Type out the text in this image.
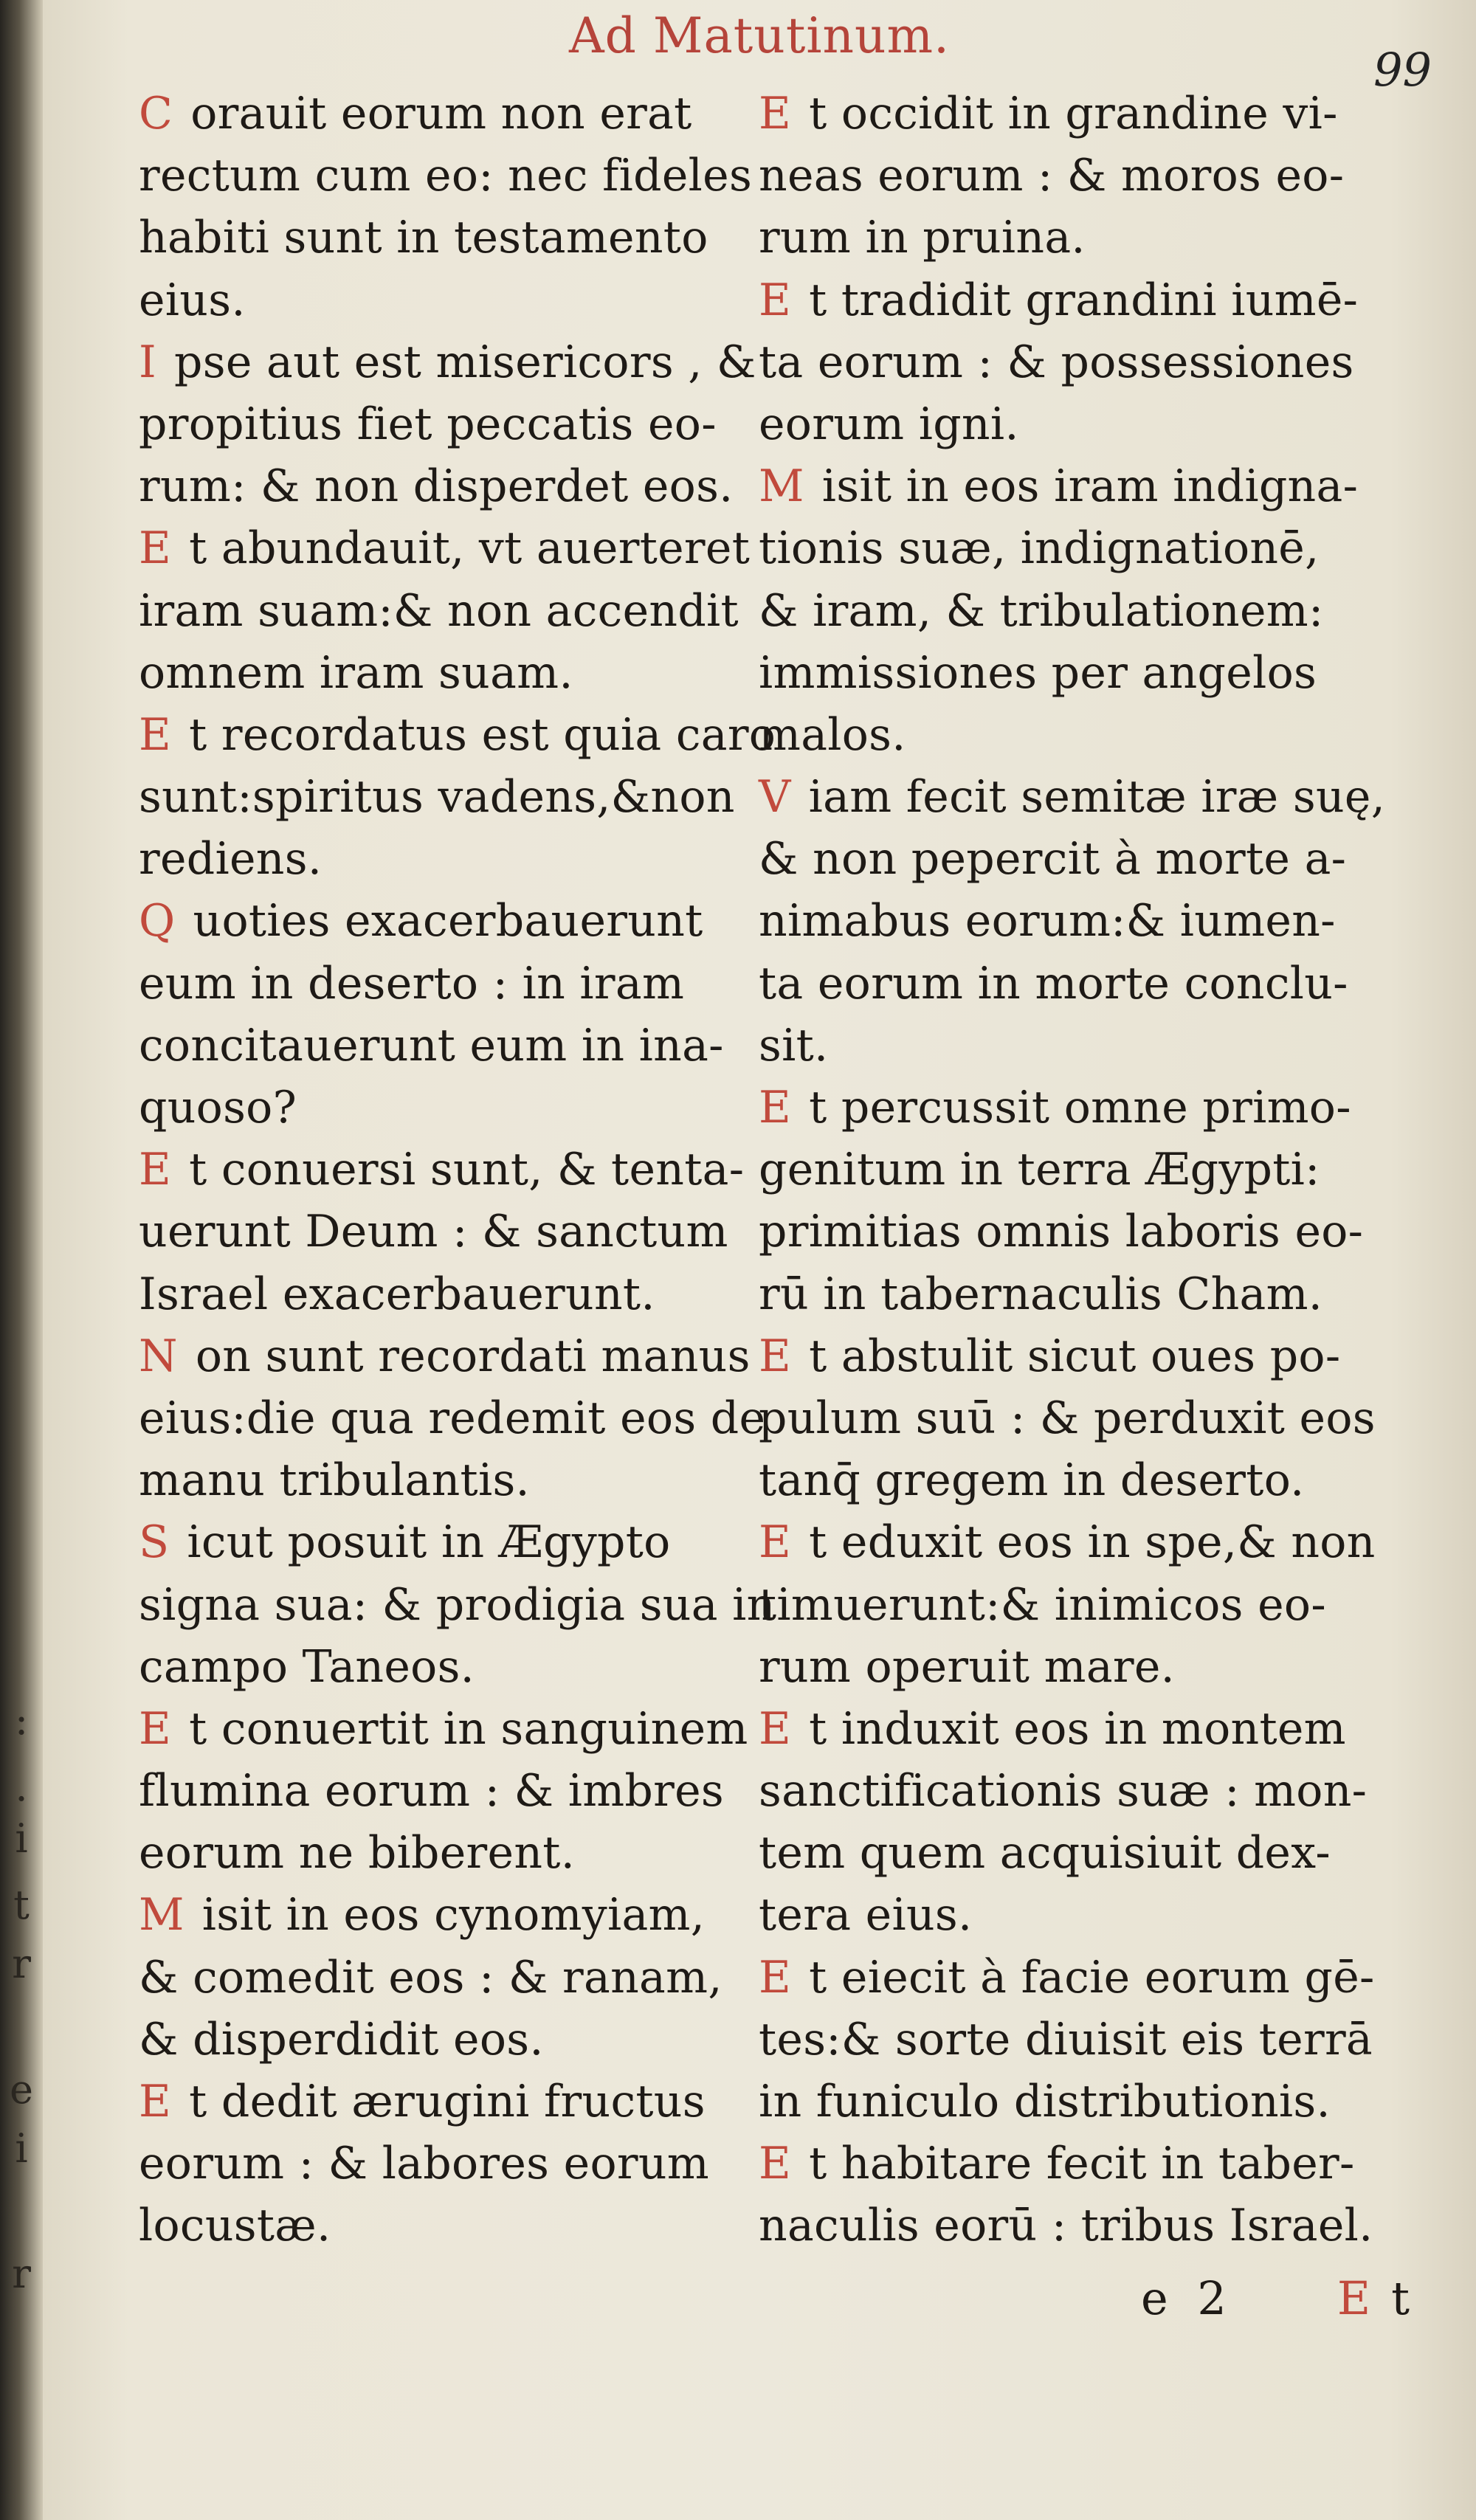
:
.
i
t
r
e
i
r
Ad Matutinum.
99
C orauit eorum non erat
rectum cum eo: nec fideles
habiti sunt in testamento
eius.
I pse aut est misericors , &
propitius fiet peccatis eo-
rum: & non disperdet eos.
E t abundauit, vt auerteret
iram suam:& non accendit
omnem iram suam.
E t recordatus est quia caro
sunt:spiritus vadens,&non
rediens.
Q uoties exacerbauerunt
eum in deserto : in iram
concitauerunt eum in ina-
quoso?
E t conuersi sunt, & tenta-
uerunt Deum : & sanctum
Israel exacerbauerunt.
N on sunt recordati manus
eius:die qua redemit eos de
manu tribulantis.
S icut posuit in Ægypto
signa sua: & prodigia sua in
campo Taneos.
E t conuertit in sanguinem
flumina eorum : & imbres
eorum ne biberent.
M isit in eos cynomyiam,
& comedit eos : & ranam,
& disperdidit eos.
E t dedit ærugini fructus
eorum : & labores eorum
locustæ.
E t occidit in grandine vi-
neas eorum : & moros eo-
rum in pruina.
E t tradidit grandini iumē-
ta eorum : & possessiones
eorum igni.
M isit in eos iram indigna-
tionis suæ, indignationē,
& iram, & tribulationem:
immissiones per angelos
malos.
V iam fecit semitæ iræ suę,
& non pepercit à morte a-
nimabus eorum:& iumen-
ta eorum in morte conclu-
sit.
E t percussit omne primo-
genitum in terra Ægypti:
primitias omnis laboris eo-
rū in tabernaculis Cham.
E t abstulit sicut oues po-
pulum suū : & perduxit eos
tanq̄ gregem in deserto.
E t eduxit eos in spe,& non
timuerunt:& inimicos eo-
rum operuit mare.
E t induxit eos in montem
sanctificationis suæ : mon-
tem quem acquisiuit dex-
tera eius.
E t eiecit à facie eorum gē-
tes:& sorte diuisit eis terrā
in funiculo distributionis.
E t habitare fecit in taber-
naculis eorū : tribus Israel.
e 2 E t
